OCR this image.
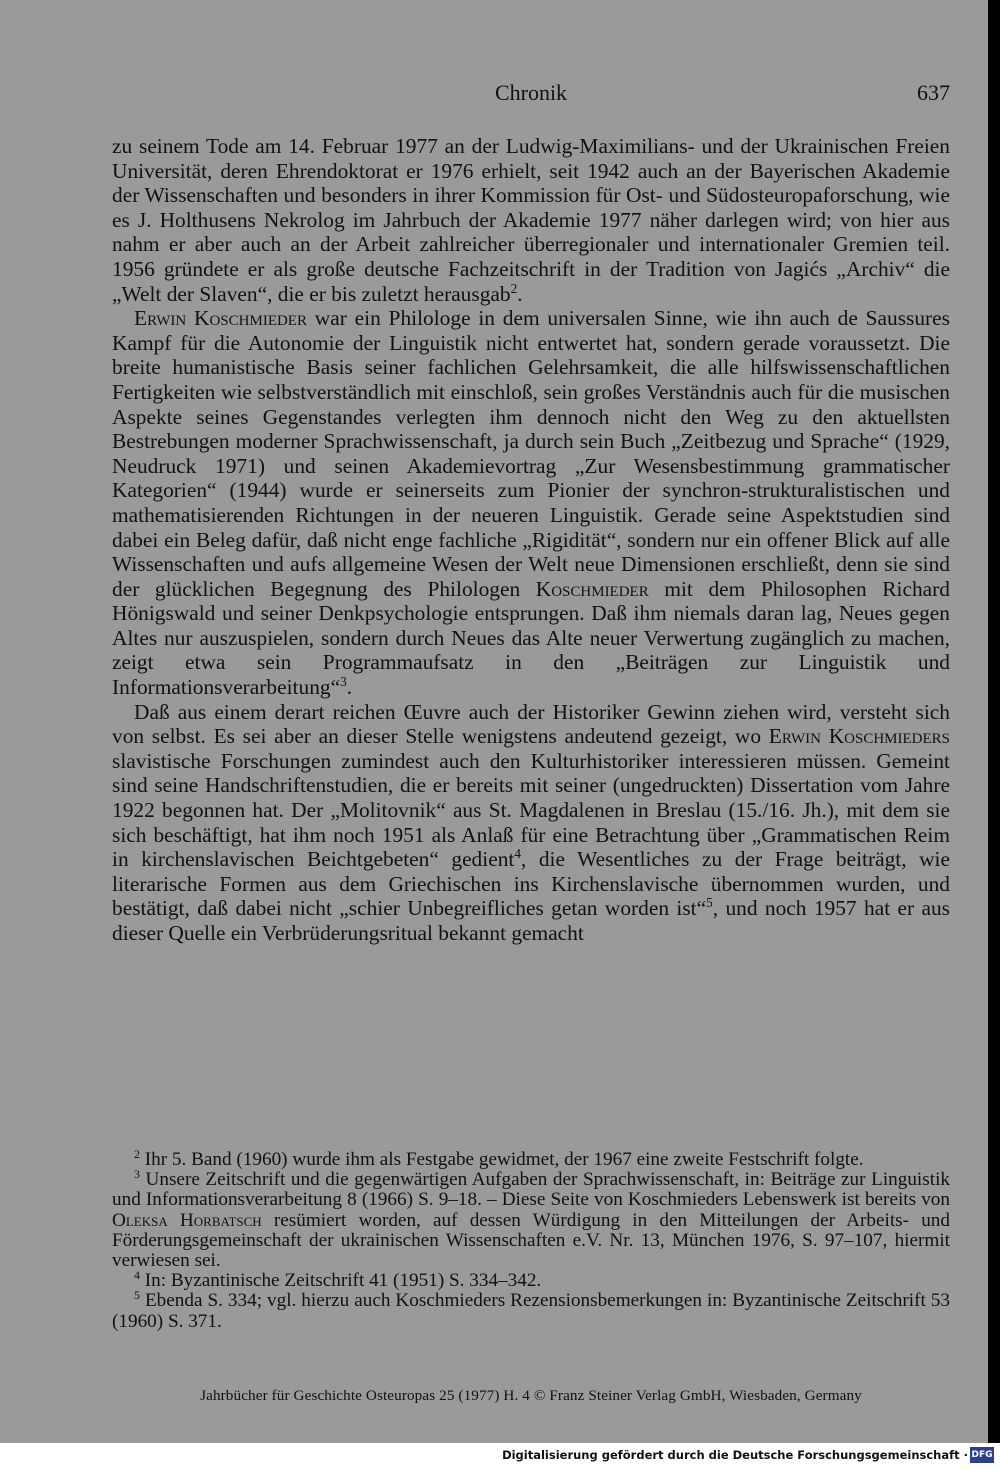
Chronik	637

zu seinem Tode am 14. Februar 1977 an der Ludwig-Maximilians- und der Ukrainischen Freien Universität, deren Ehrendoktorat er 1976 erhielt, seit 1942 auch an der Bayerischen Akademie der Wissenschaften und besonders in ihrer Kommission für Ost- und Südosteuropaforschung, wie es J. Holthusens Nekrolog im Jahrbuch der Akademie 1977 näher darlegen wird; von hier aus nahm er aber auch an der Arbeit zahlreicher überregionaler und internationaler Gremien teil. 1956 gründete er als große deutsche Fachzeitschrift in der Tradition von Jagićs „Archiv“ die „Welt der Slaven“, die er bis zuletzt herausgab$^2$.

Erwin Koschmieder war ein Philologe in dem universalen Sinne, wie ihn auch de Saussures Kampf für die Autonomie der Linguistik nicht entwertet hat, sondern gerade voraussetzt. Die breite humanistische Basis seiner fachlichen Gelehrsamkeit, die alle hilfswissenschaftlichen Fertigkeiten wie selbstverständlich mit einschloß, sein großes Verständnis auch für die musischen Aspekte seines Gegenstandes verlegten ihm dennoch nicht den Weg zu den aktuellsten Bestrebungen moderner Sprachwissenschaft, ja durch sein Buch „Zeitbezug und Sprache“ (1929, Neudruck 1971) und seinen Akademievortrag „Zur Wesensbestimmung grammatischer Kategorien“ (1944) wurde er seinerseits zum Pionier der synchron-strukturalistischen und mathematisierenden Richtungen in der neueren Linguistik. Gerade seine Aspektstudien sind dabei ein Beleg dafür, daß nicht enge fachliche „Rigidität“, sondern nur ein offener Blick auf alle Wissenschaften und aufs allgemeine Wesen der Welt neue Dimensionen erschließt, denn sie sind der glücklichen Begegnung des Philologen Koschmieder mit dem Philosophen Richard Hönigswald und seiner Denkpsychologie entsprungen. Daß ihm niemals daran lag, Neues gegen Altes nur auszuspielen, sondern durch Neues das Alte neuer Verwertung zugänglich zu machen, zeigt etwa sein Programmaufsatz in den „Beiträgen zur Linguistik und Informationsverarbeitung“$^3$.

Daß aus einem derart reichen Œuvre auch der Historiker Gewinn ziehen wird, versteht sich von selbst. Es sei aber an dieser Stelle wenigstens andeutend gezeigt, wo Erwin Koschmieders slavistische Forschungen zumindest auch den Kulturhistoriker interessieren müssen. Gemeint sind seine Handschriftenstudien, die er bereits mit seiner (ungedruckten) Dissertation vom Jahre 1922 begonnen hat. Der „Molitovnik“ aus St. Magdalenen in Breslau (15./16. Jh.), mit dem sie sich beschäftigt, hat ihm noch 1951 als Anlaß für eine Betrachtung über „Grammatischen Reim in kirchenslavischen Beichtgebeten“ gedient$^4$, die Wesentliches zu der Frage beiträgt, wie literarische Formen aus dem Griechischen ins Kirchenslavische übernommen wurden, und bestätigt, daß dabei nicht „schier Unbegreifliches getan worden ist“$^5$, und noch 1957 hat er aus dieser Quelle ein Verbrüderungsritual bekannt gemacht

$^2$ Ihr 5. Band (1960) wurde ihm als Festgabe gewidmet, der 1967 eine zweite Festschrift folgte.

$^3$ Unsere Zeitschrift und die gegenwärtigen Aufgaben der Sprachwissenschaft, in: Beiträge zur Linguistik und Informationsverarbeitung 8 (1966) S. 9–18. – Diese Seite von Koschmieders Lebenswerk ist bereits von Oleksa Horbatsch resümiert worden, auf dessen Würdigung in den Mitteilungen der Arbeits- und Förderungsgemeinschaft der ukrainischen Wissenschaften e.V. Nr. 13, München 1976, S. 97–107, hiermit verwiesen sei.

$^4$ In: Byzantinische Zeitschrift 41 (1951) S. 334–342.

$^5$ Ebenda S. 334; vgl. hierzu auch Koschmieders Rezensionsbemerkungen in: Byzantinische Zeitschrift 53 (1960) S. 371.

Jahrbücher für Geschichte Osteuropas 25 (1977) H. 4 © Franz Steiner Verlag GmbH, Wiesbaden, Germany
Digitalisierung gefördert durch die Deutsche Forschungsgemeinschaft · DFG
